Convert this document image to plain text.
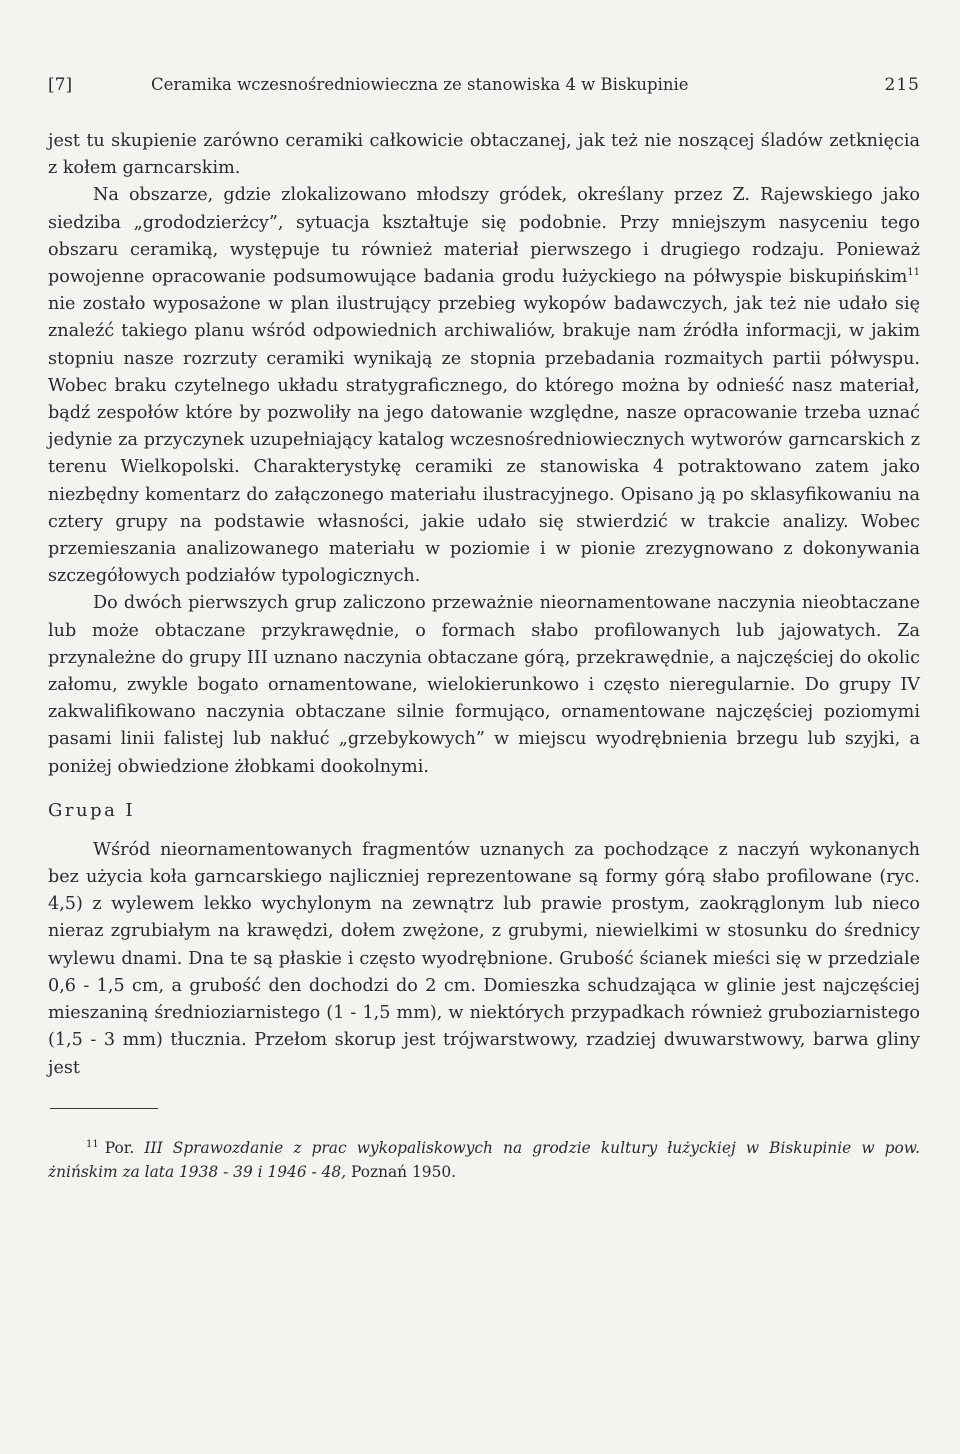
[7]	Ceramika wczesnośredniowieczna ze stanowiska 4 w Biskupinie	215

jest tu skupienie zarówno ceramiki całkowicie obtaczanej, jak też nie noszącej śladów zetknięcia z kołem garncarskim.

Na obszarze, gdzie zlokalizowano młodszy gródek, określany przez Z. Rajewskiego jako siedziba „grododzierżcy”, sytuacja kształtuje się podobnie. Przy mniejszym nasyceniu tego obszaru ceramiką, występuje tu również materiał pierwszego i drugiego rodzaju. Ponieważ powojenne opracowanie podsumowujące badania grodu łużyckiego na półwyspie biskupińskim$^{11}$ nie zostało wyposażone w plan ilustrujący przebieg wykopów badawczych, jak też nie udało się znaleźć takiego planu wśród odpowiednich archiwaliów, brakuje nam źródła informacji, w jakim stopniu nasze rozrzuty ceramiki wynikają ze stopnia przebadania rozmaitych partii półwyspu. Wobec braku czytelnego układu stratygraficznego, do którego można by odnieść nasz materiał, bądź zespołów które by pozwoliły na jego datowanie względne, nasze opracowanie trzeba uznać jedynie za przyczynek uzupełniający katalog wczesnośredniowiecznych wytworów garncarskich z terenu Wielkopolski. Charakterystykę ceramiki ze stanowiska 4 potraktowano zatem jako niezbędny komentarz do załączonego materiału ilustracyjnego. Opisano ją po sklasyfikowaniu na cztery grupy na podstawie własności, jakie udało się stwierdzić w trakcie analizy. Wobec przemieszania analizowanego materiału w poziomie i w pionie zrezygnowano z dokonywania szczegółowych podziałów typologicznych.

Do dwóch pierwszych grup zaliczono przeważnie nieornamentowane naczynia nieobtaczane lub może obtaczane przykrawędnie, o formach słabo profilowanych lub jajowatych. Za przynależne do grupy III uznano naczynia obtaczane górą, przekrawędnie, a najczęściej do okolic załomu, zwykle bogato ornamentowane, wielokierunkowo i często nieregularnie. Do grupy IV zakwalifikowano naczynia obtaczane silnie formująco, ornamentowane najczęściej poziomymi pasami linii falistej lub nakłuć „grzebykowych” w miejscu wyodrębnienia brzegu lub szyjki, a poniżej obwiedzione żłobkami dookolnymi.

Grupa I

Wśród nieornamentowanych fragmentów uznanych za pochodzące z naczyń wykonanych bez użycia koła garncarskiego najliczniej reprezentowane są formy górą słabo profilowane (ryc. 4,5) z wylewem lekko wychylonym na zewnątrz lub prawie prostym, zaokrąglonym lub nieco nieraz zgrubiałym na krawędzi, dołem zwężone, z grubymi, niewielkimi w stosunku do średnicy wylewu dnami. Dna te są płaskie i często wyodrębnione. Grubość ścianek mieści się w przedziale 0,6 - 1,5 cm, a grubość den dochodzi do 2 cm. Domieszka schudzająca w glinie jest najczęściej mieszaniną średnioziarnistego (1 - 1,5 mm), w niektórych przypadkach również gruboziarnistego (1,5 - 3 mm) tłucznia. Przełom skorup jest trójwarstwowy, rzadziej dwuwarstwowy, barwa gliny jest

$^{11}$ Por. III Sprawozdanie z prac wykopaliskowych na grodzie kultury łużyckiej w Biskupinie w pow. żnińskim za lata 1938 - 39 i 1946 - 48, Poznań 1950.
